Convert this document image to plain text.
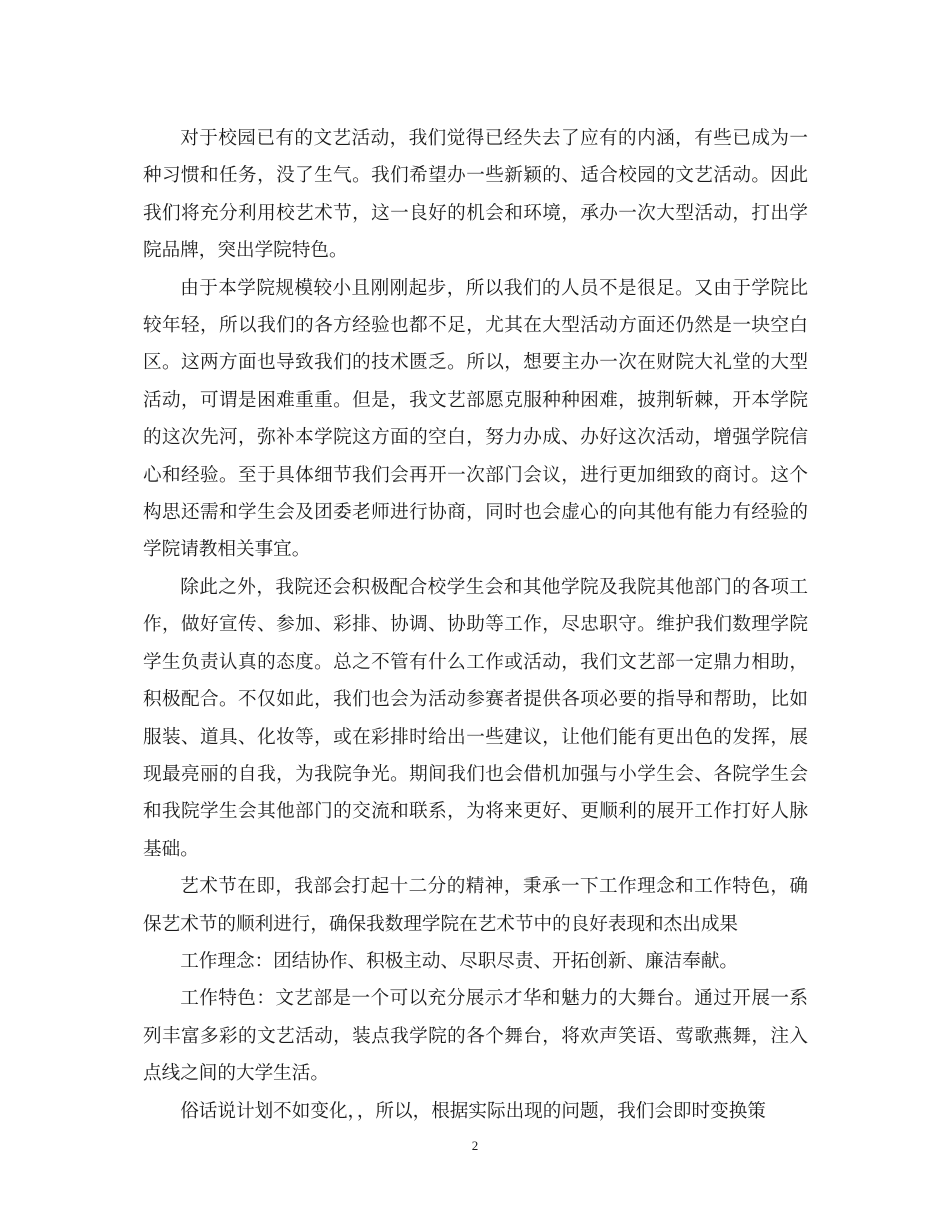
对于校园已有的文艺活动，我们觉得已经失去了应有的内涵，有些已成为一种习惯和任务，没了生气。我们希望办一些新颖的、适合校园的文艺活动。因此我们将充分利用校艺术节，这一良好的机会和环境，承办一次大型活动，打出学院品牌，突出学院特色。

由于本学院规模较小且刚刚起步，所以我们的人员不是很足。又由于学院比较年轻，所以我们的各方经验也都不足，尤其在大型活动方面还仍然是一块空白区。这两方面也导致我们的技术匮乏。所以，想要主办一次在财院大礼堂的大型活动，可谓是困难重重。但是，我文艺部愿克服种种困难，披荆斩棘，开本学院的这次先河，弥补本学院这方面的空白，努力办成、办好这次活动，增强学院信心和经验。至于具体细节我们会再开一次部门会议，进行更加细致的商讨。这个构思还需和学生会及团委老师进行协商，同时也会虚心的向其他有能力有经验的学院请教相关事宜。

除此之外，我院还会积极配合校学生会和其他学院及我院其他部门的各项工作，做好宣传、参加、彩排、协调、协助等工作，尽忠职守。维护我们数理学院学生负责认真的态度。总之不管有什么工作或活动，我们文艺部一定鼎力相助，积极配合。不仅如此，我们也会为活动参赛者提供各项必要的指导和帮助，比如服装、道具、化妆等，或在彩排时给出一些建议，让他们能有更出色的发挥，展现最亮丽的自我，为我院争光。期间我们也会借机加强与小学生会、各院学生会和我院学生会其他部门的交流和联系，为将来更好、更顺利的展开工作打好人脉基础。

艺术节在即，我部会打起十二分的精神，秉承一下工作理念和工作特色，确保艺术节的顺利进行，确保我数理学院在艺术节中的良好表现和杰出成果

工作理念：团结协作、积极主动、尽职尽责、开拓创新、廉洁奉献。

工作特色：文艺部是一个可以充分展示才华和魅力的大舞台。通过开展一系列丰富多彩的文艺活动，装点我学院的各个舞台，将欢声笑语、莺歌燕舞，注入点线之间的大学生活。

俗话说计划不如变化，，所以，根据实际出现的问题，我们会即时变换策

2
